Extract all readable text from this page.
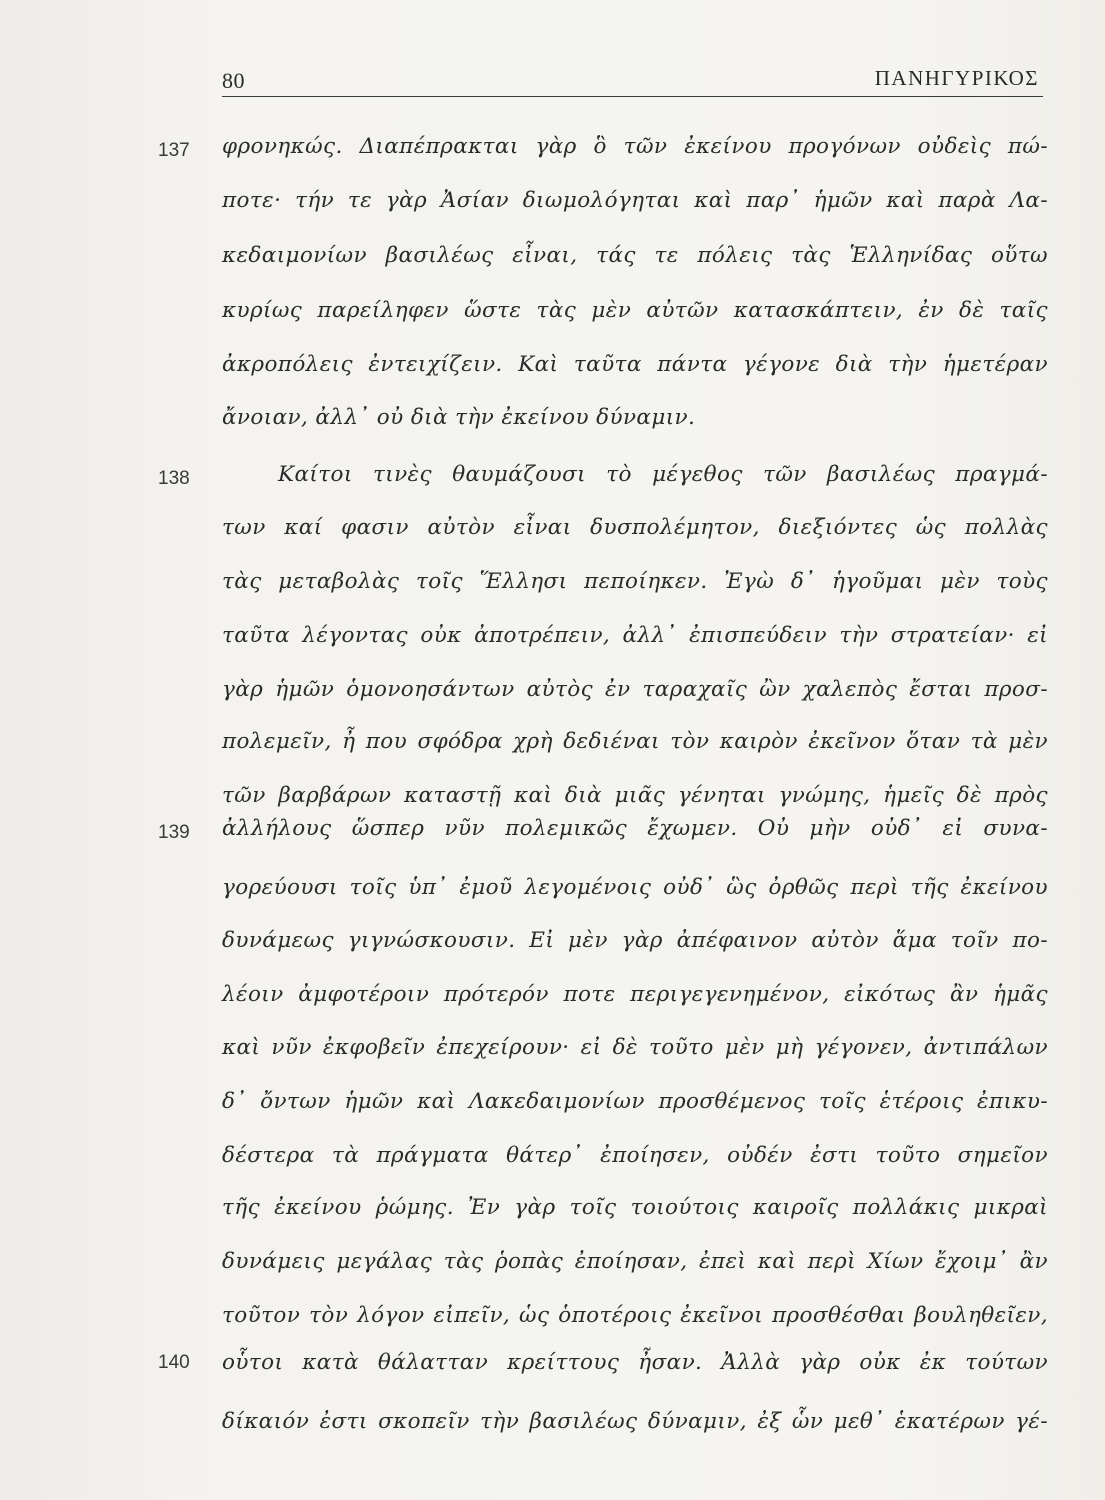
80	ΠΑΝΗΓΥΡΙΚΟΣ
137
138
139
140
φρονηκώς. Διαπέπρακται γὰρ ὃ τῶν ἐκείνου προγόνων οὐδεὶς πώ-
ποτε· τήν τε γὰρ Ἀσίαν διωμολόγηται καὶ παρ᾽ ἡμῶν καὶ παρὰ Λα-
κεδαιμονίων βασιλέως εἶναι, τάς τε πόλεις τὰς Ἑλληνίδας οὕτω
κυρίως παρείληφεν ὥστε τὰς μὲν αὐτῶν κατασκάπτειν, ἐν δὲ ταῖς
ἀκροπόλεις ἐντειχίζειν. Καὶ ταῦτα πάντα γέγονε διὰ τὴν ἡμετέραν
ἄνοιαν, ἀλλ᾽ οὐ διὰ τὴν ἐκείνου δύναμιν.
Καίτοι τινὲς θαυμάζουσι τὸ μέγεθος τῶν βασιλέως πραγμά-
των καί φασιν αὐτὸν εἶναι δυσπολέμητον, διεξιόντες ὡς πολλὰς
τὰς μεταβολὰς τοῖς Ἕλλησι πεποίηκεν. Ἐγὼ δ᾽ ἡγοῦμαι μὲν τοὺς
ταῦτα λέγοντας οὐκ ἀποτρέπειν, ἀλλ᾽ ἐπισπεύδειν τὴν στρατείαν· εἰ
γὰρ ἡμῶν ὁμονοησάντων αὐτὸς ἐν ταραχαῖς ὢν χαλεπὸς ἔσται προσ-
πολεμεῖν, ἦ που σφόδρα χρὴ δεδιέναι τὸν καιρὸν ἐκεῖνον ὅταν τὰ μὲν
τῶν βαρβάρων καταστῇ καὶ διὰ μιᾶς γένηται γνώμης, ἡμεῖς δὲ πρὸς
ἀλλήλους ὥσπερ νῦν πολεμικῶς ἔχωμεν. Οὐ μὴν οὐδ᾽ εἰ συνα-
γορεύουσι τοῖς ὑπ᾽ ἐμοῦ λεγομένοις οὐδ᾽ ὣς ὀρθῶς περὶ τῆς ἐκείνου
δυνάμεως γιγνώσκουσιν. Εἰ μὲν γὰρ ἀπέφαινον αὐτὸν ἅμα τοῖν πο-
λέοιν ἀμφοτέροιν πρότερόν ποτε περιγεγενημένον, εἰκότως ἂν ἡμᾶς
καὶ νῦν ἐκφοβεῖν ἐπεχείρουν· εἰ δὲ τοῦτο μὲν μὴ γέγονεν, ἀντιπάλων
δ᾽ ὄντων ἡμῶν καὶ Λακεδαιμονίων προσθέμενος τοῖς ἑτέροις ἐπικυ-
δέστερα τὰ πράγματα θάτερ᾽ ἐποίησεν, οὐδέν ἐστι τοῦτο σημεῖον
τῆς ἐκείνου ῥώμης. Ἐν γὰρ τοῖς τοιούτοις καιροῖς πολλάκις μικραὶ
δυνάμεις μεγάλας τὰς ῥοπὰς ἐποίησαν, ἐπεὶ καὶ περὶ Χίων ἔχοιμ᾽ ἂν
τοῦτον τὸν λόγον εἰπεῖν, ὡς ὁποτέροις ἐκεῖνοι προσθέσθαι βουληθεῖεν,
οὗτοι κατὰ θάλατταν κρείττους ἦσαν. Ἀλλὰ γὰρ οὐκ ἐκ τούτων
δίκαιόν ἐστι σκοπεῖν τὴν βασιλέως δύναμιν, ἐξ ὧν μεθ᾽ ἑκατέρων γέ-
